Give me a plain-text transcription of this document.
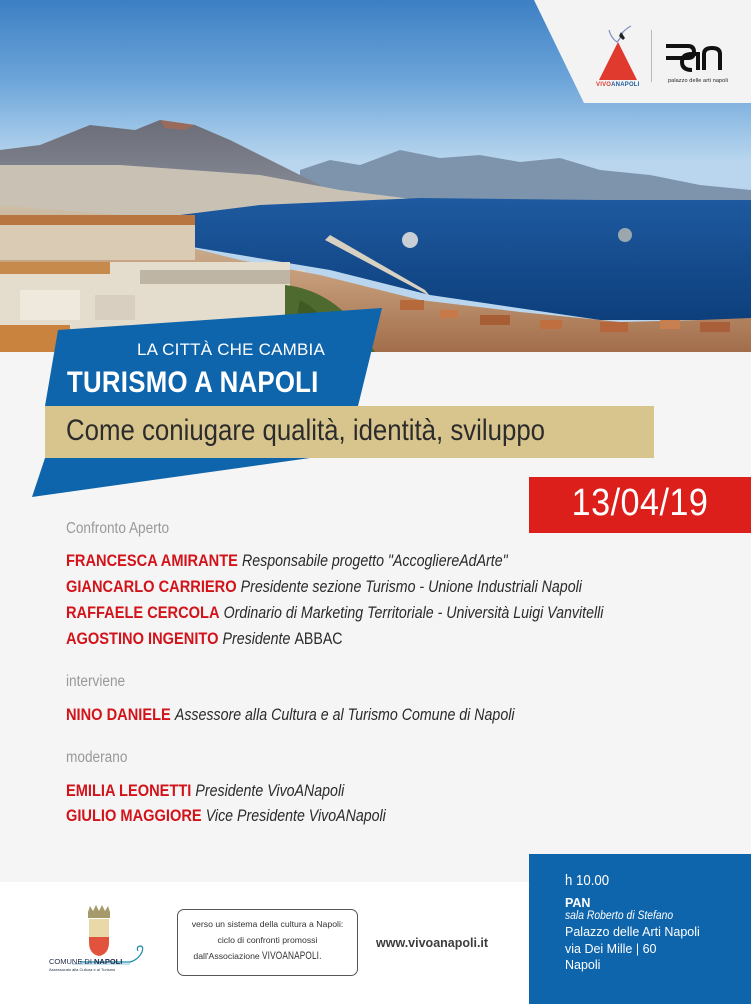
VIVOANAPOLI
palazzo delle arti napoli
LA CITTÀ CHE CAMBIA
TURISMO A NAPOLI
Come coniugare qualità, identità, sviluppo
13/04/19
Confronto Aperto
FRANCESCA AMIRANTE Responsabile progetto "AccogliereAdArte"
GIANCARLO CARRIERO Presidente sezione Turismo - Unione Industriali Napoli
RAFFAELE CERCOLA Ordinario di Marketing Territoriale - Università Luigi Vanvitelli
AGOSTINO INGENITO Presidente ABBAC
interviene
NINO DANIELE Assessore alla Cultura e al Turismo Comune di Napoli
moderano
EMILIA LEONETTI Presidente VivoANapoli
GIULIO MAGGIORE Vice Presidente VivoANapoli
COMUNE DI NAPOLI
Assessorato alla Cultura e al Turismo
verso un sistema della cultura a Napoli:
ciclo di confronti promossi
dall'Associazione VIVOANAPOLI.
www.vivoanapoli.it
h 10.00
PAN
sala Roberto di Stefano
Palazzo delle Arti Napoli
via Dei Mille | 60
Napoli
